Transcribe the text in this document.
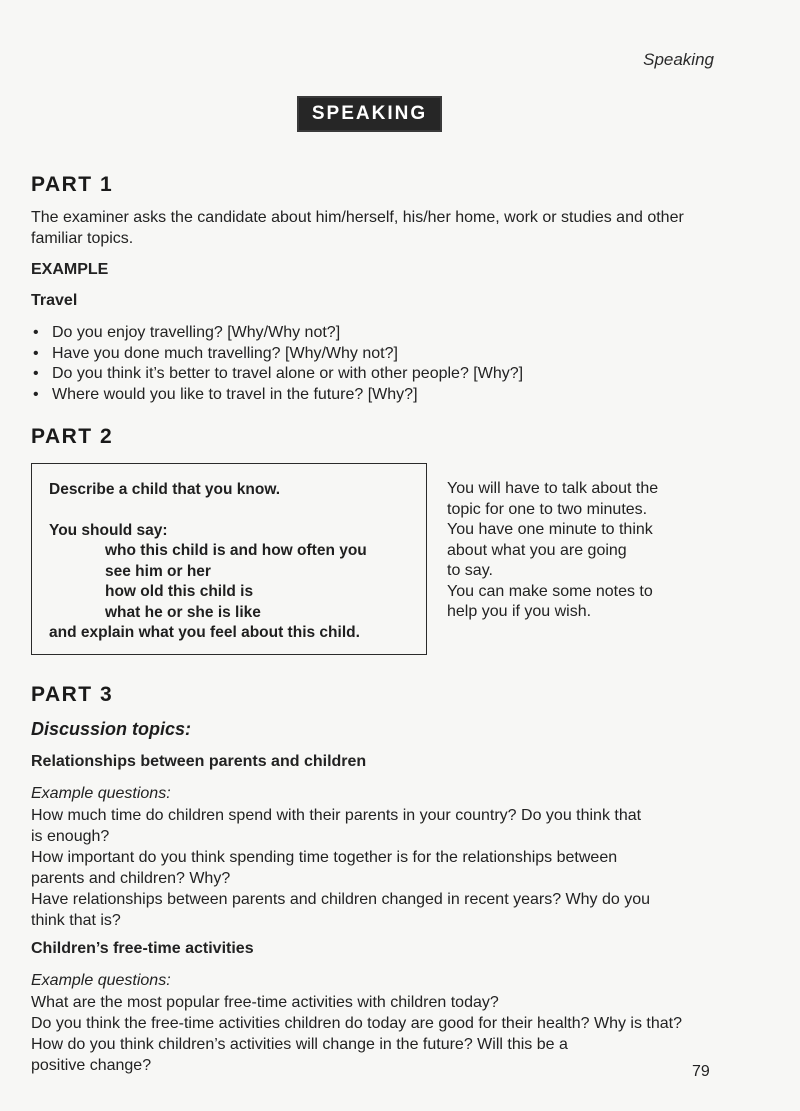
Speaking
SPEAKING
PART 1
The examiner asks the candidate about him/herself, his/her home, work or studies and other familiar topics.
EXAMPLE
Travel
• Do you enjoy travelling? [Why/Why not?]
• Have you done much travelling? [Why/Why not?]
• Do you think it’s better to travel alone or with other people? [Why?]
• Where would you like to travel in the future? [Why?]
PART 2
Describe a child that you know.
You should say:
who this child is and how often you
see him or her
how old this child is
what he or she is like
and explain what you feel about this child.
You will have to talk about the
topic for one to two minutes.
You have one minute to think
about what you are going
to say.
You can make some notes to
help you if you wish.
PART 3
Discussion topics:
Relationships between parents and children
Example questions:
How much time do children spend with their parents in your country? Do you think that
is enough?
How important do you think spending time together is for the relationships between
parents and children? Why?
Have relationships between parents and children changed in recent years? Why do you
think that is?
Children’s free-time activities
Example questions:
What are the most popular free-time activities with children today?
Do you think the free-time activities children do today are good for their health? Why is that?
How do you think children’s activities will change in the future? Will this be a
positive change?	79
